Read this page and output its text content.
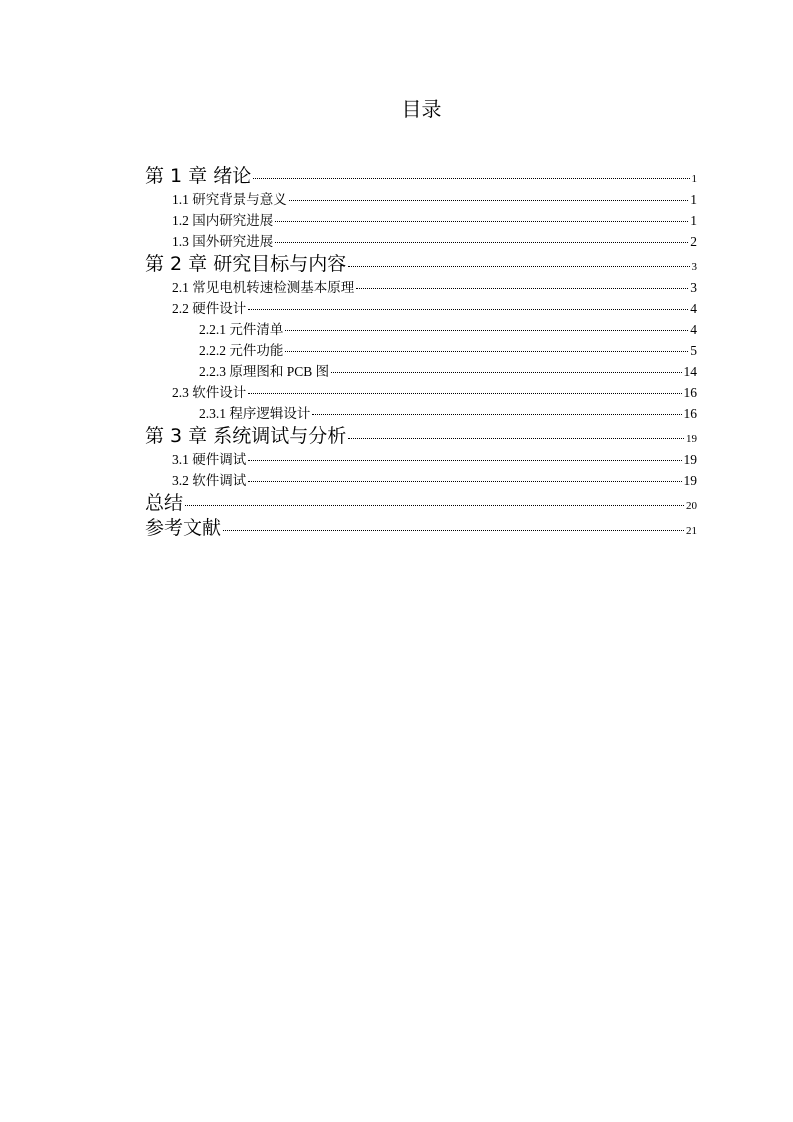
目录
第 1 章 绪论	1
1.1 研究背景与意义	1
1.2 国内研究进展	1
1.3 国外研究进展	2
第 2 章 研究目标与内容	3
2.1 常见电机转速检测基本原理	3
2.2 硬件设计	4
2.2.1 元件清单	4
2.2.2 元件功能	5
2.2.3 原理图和 PCB 图	14
2.3 软件设计	16
2.3.1 程序逻辑设计	16
第 3 章 系统调试与分析	19
3.1 硬件调试	19
3.2 软件调试	19
总结	20
参考文献	21
